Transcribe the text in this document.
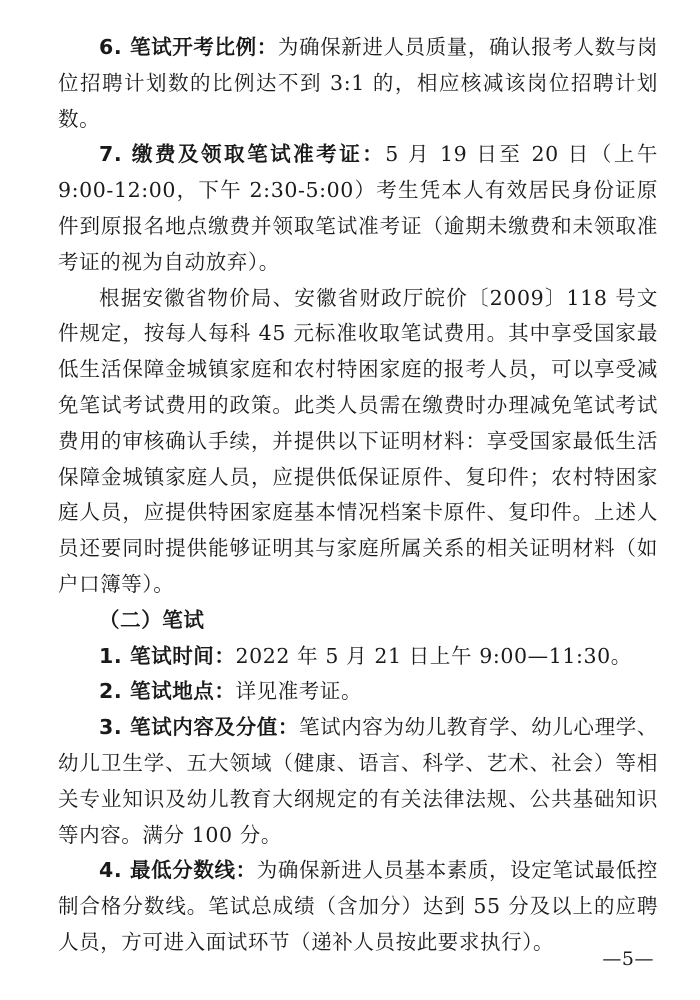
6. 笔试开考比例：为确保新进人员质量，确认报考人数与岗位招聘计划数的比例达不到 3:1 的，相应核减该岗位招聘计划数。

7. 缴费及领取笔试准考证：5 月 19 日至 20 日（上午 9:00-12:00，下午 2:30-5:00）考生凭本人有效居民身份证原件到原报名地点缴费并领取笔试准考证（逾期未缴费和未领取准考证的视为自动放弃）。

根据安徽省物价局、安徽省财政厅皖价〔2009〕118 号文件规定，按每人每科 45 元标准收取笔试费用。其中享受国家最低生活保障金城镇家庭和农村特困家庭的报考人员，可以享受减免笔试考试费用的政策。此类人员需在缴费时办理减免笔试考试费用的审核确认手续，并提供以下证明材料：享受国家最低生活保障金城镇家庭人员，应提供低保证原件、复印件；农村特困家庭人员，应提供特困家庭基本情况档案卡原件、复印件。上述人员还要同时提供能够证明其与家庭所属关系的相关证明材料（如户口簿等）。

（二）笔试

1. 笔试时间：2022 年 5 月 21 日上午 9:00—11:30。

2. 笔试地点：详见准考证。

3. 笔试内容及分值：笔试内容为幼儿教育学、幼儿心理学、幼儿卫生学、五大领域（健康、语言、科学、艺术、社会）等相关专业知识及幼儿教育大纲规定的有关法律法规、公共基础知识等内容。满分 100 分。

4. 最低分数线：为确保新进人员基本素质，设定笔试最低控制合格分数线。笔试总成绩（含加分）达到 55 分及以上的应聘人员，方可进入面试环节（递补人员按此要求执行）。

—5—
